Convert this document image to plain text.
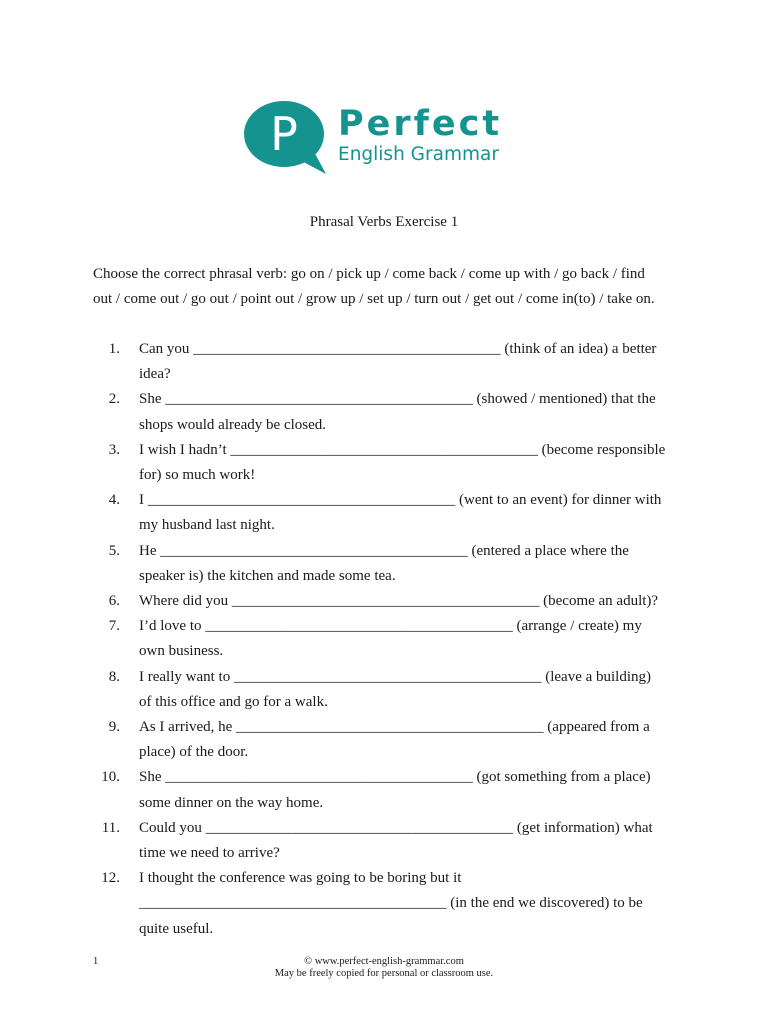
P Perfect
English Grammar
Phrasal Verbs Exercise 1
Choose the correct phrasal verb: go on / pick up / come back / come up with / go back / find
out / come out / go out / point out / grow up / set up / turn out / get out / come in(to) / take on.
1.	Can you _________________________________________ (think of an idea) a better
idea?
2.	She _________________________________________ (showed / mentioned) that the
shops would already be closed.
3.	I wish I hadn’t _________________________________________ (become responsible
for) so much work!
4.	I _________________________________________ (went to an event) for dinner with
my husband last night.
5.	He _________________________________________ (entered a place where the
speaker is) the kitchen and made some tea.
6.	Where did you _________________________________________ (become an adult)?
7.	I’d love to _________________________________________ (arrange / create) my
own business.
8.	I really want to _________________________________________ (leave a building)
of this office and go for a walk.
9.	As I arrived, he _________________________________________ (appeared from a
place) of the door.
10.	She _________________________________________ (got something from a place)
some dinner on the way home.
11.	Could you _________________________________________ (get information) what
time we need to arrive?
12.	I thought the conference was going to be boring but it
_________________________________________ (in the end we discovered) to be
quite useful.
1	© www.perfect-english-grammar.com
May be freely copied for personal or classroom use.
